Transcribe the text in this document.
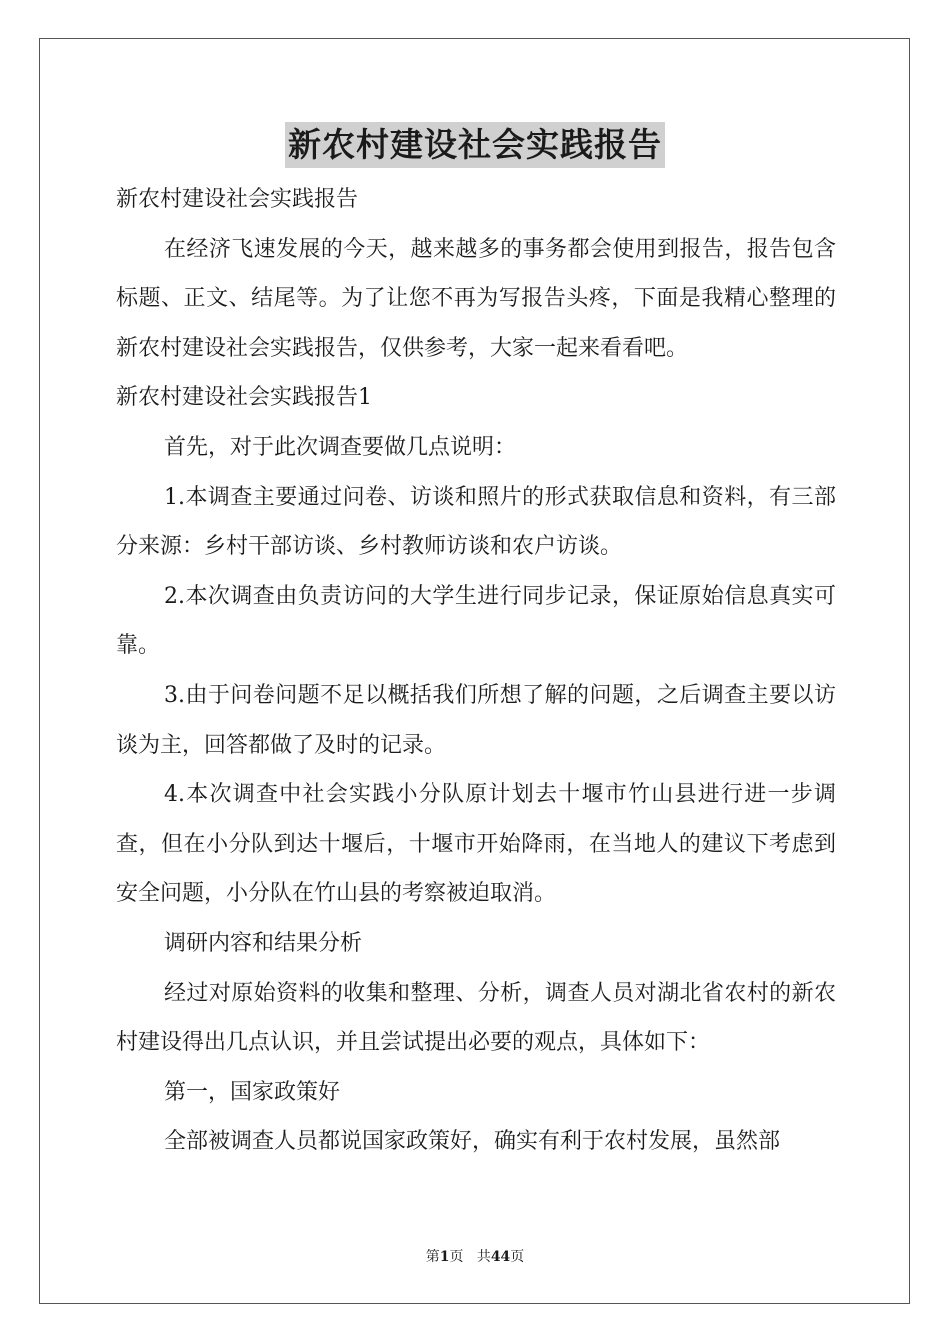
新农村建设社会实践报告

新农村建设社会实践报告

在经济飞速发展的今天，越来越多的事务都会使用到报告，报告包含标题、正文、结尾等。为了让您不再为写报告头疼，下面是我精心整理的新农村建设社会实践报告，仅供参考，大家一起来看看吧。

新农村建设社会实践报告1

首先，对于此次调查要做几点说明：

1.本调查主要通过问卷、访谈和照片的形式获取信息和资料，有三部分来源：乡村干部访谈、乡村教师访谈和农户访谈。

2.本次调查由负责访问的大学生进行同步记录，保证原始信息真实可靠。

3.由于问卷问题不足以概括我们所想了解的问题，之后调查主要以访谈为主，回答都做了及时的记录。

4.本次调查中社会实践小分队原计划去十堰市竹山县进行进一步调查，但在小分队到达十堰后，十堰市开始降雨，在当地人的建议下考虑到安全问题，小分队在竹山县的考察被迫取消。

调研内容和结果分析

经过对原始资料的收集和整理、分析，调查人员对湖北省农村的新农村建设得出几点认识，并且尝试提出必要的观点，具体如下：

第一，国家政策好

全部被调查人员都说国家政策好，确实有利于农村发展，虽然部

第1页 共44页
